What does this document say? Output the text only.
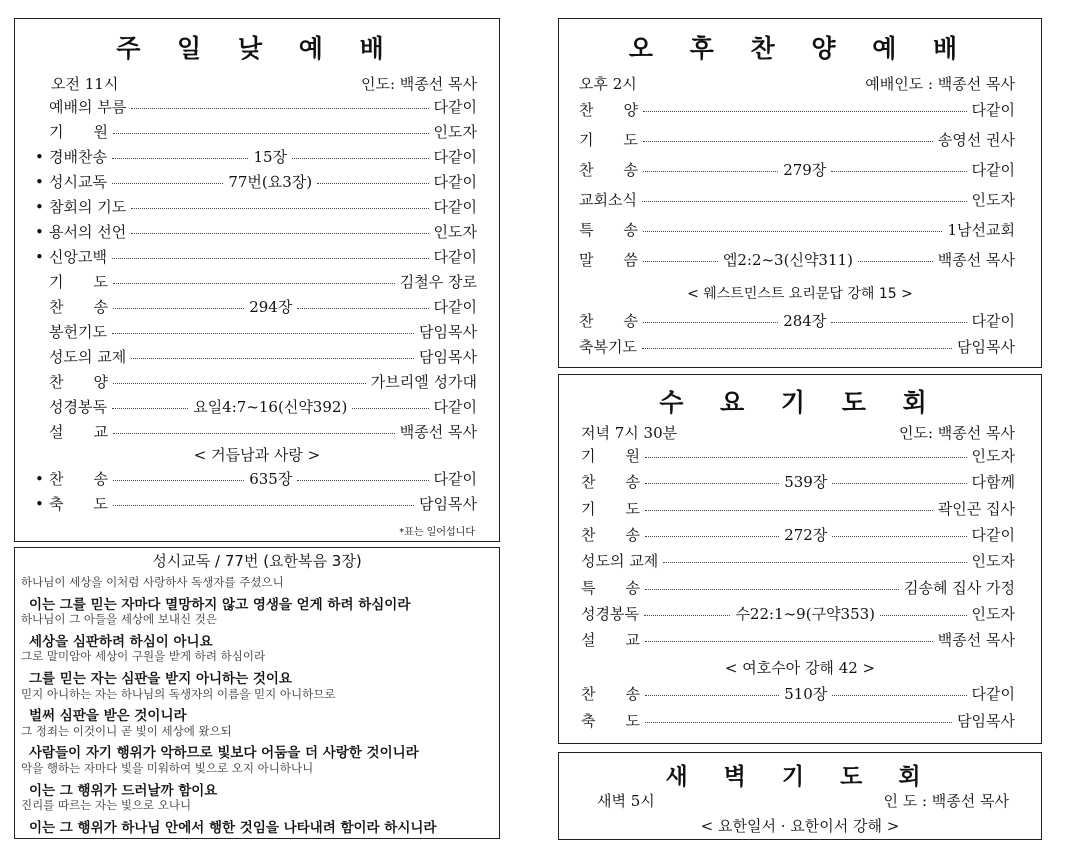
주 일 낮 예 배
오전 11시	인도: 백종선 목사
예배의 부름	다같이
기　　원	인도자
• 경배찬송	15장	다같이
• 성시교독	77번(요3장)	다같이
• 참회의 기도	다같이
• 용서의 선언	인도자
• 신앙고백	다같이
기　　도	김철우 장로
찬　　송	294장	다같이
봉헌기도	담임목사
성도의 교제	담임목사
찬　　양	가브리엘 성가대
성경봉독	요일4:7~16(신약392)	다같이
설　　교	백종선 목사
< 거듭남과 사랑 >
• 찬　　송	635장	다같이
• 축　　도	담임목사
*표는 일어섭니다
성시교독 / 77번 (요한복음 3장)
하나님이 세상을 이처럼 사랑하사 독생자를 주셨으니
이는 그를 믿는 자마다 멸망하지 않고 영생을 얻게 하려 하심이라
하나님이 그 아들을 세상에 보내신 것은
세상을 심판하려 하심이 아니요
그로 말미암아 세상이 구원을 받게 하려 하심이라
그를 믿는 자는 심판을 받지 아니하는 것이요
믿지 아니하는 자는 하나님의 독생자의 이름을 믿지 아니하므로
벌써 심판을 받은 것이니라
그 정죄는 이것이니 곧 빛이 세상에 왔으되
사람들이 자기 행위가 악하므로 빛보다 어둠을 더 사랑한 것이니라
악을 행하는 자마다 빛을 미워하여 빛으로 오지 아니하나니
이는 그 행위가 드러날까 함이요
진리를 따르는 자는 빛으로 오나니
이는 그 행위가 하나님 안에서 행한 것임을 나타내려 함이라 하시니라
오 후 찬 양 예 배
오후 2시	예배인도 : 백종선 목사
찬　　양	다같이
기　　도	송영선 권사
찬　　송	279장	다같이
교회소식	인도자
특　　송	1남선교회
말　　씀	엡2:2~3(신약311)	백종선 목사
< 웨스트민스트 요리문답 강해 15 >
찬　　송	284장	다같이
축복기도	담임목사
수 요 기 도 회
저녁 7시 30분	인도: 백종선 목사
기　　원	인도자
찬　　송	539장	다함께
기　　도	곽인곤 집사
찬　　송	272장	다같이
성도의 교제	인도자
특　　송	김송혜 집사 가정
성경봉독	수22:1~9(구약353)	인도자
설　　교	백종선 목사
< 여호수아 강해 42 >
찬　　송	510장	다같이
축　　도	담임목사
새 벽 기 도 회
새벽 5시	인 도 : 백종선 목사
< 요한일서 · 요한이서 강해 >
